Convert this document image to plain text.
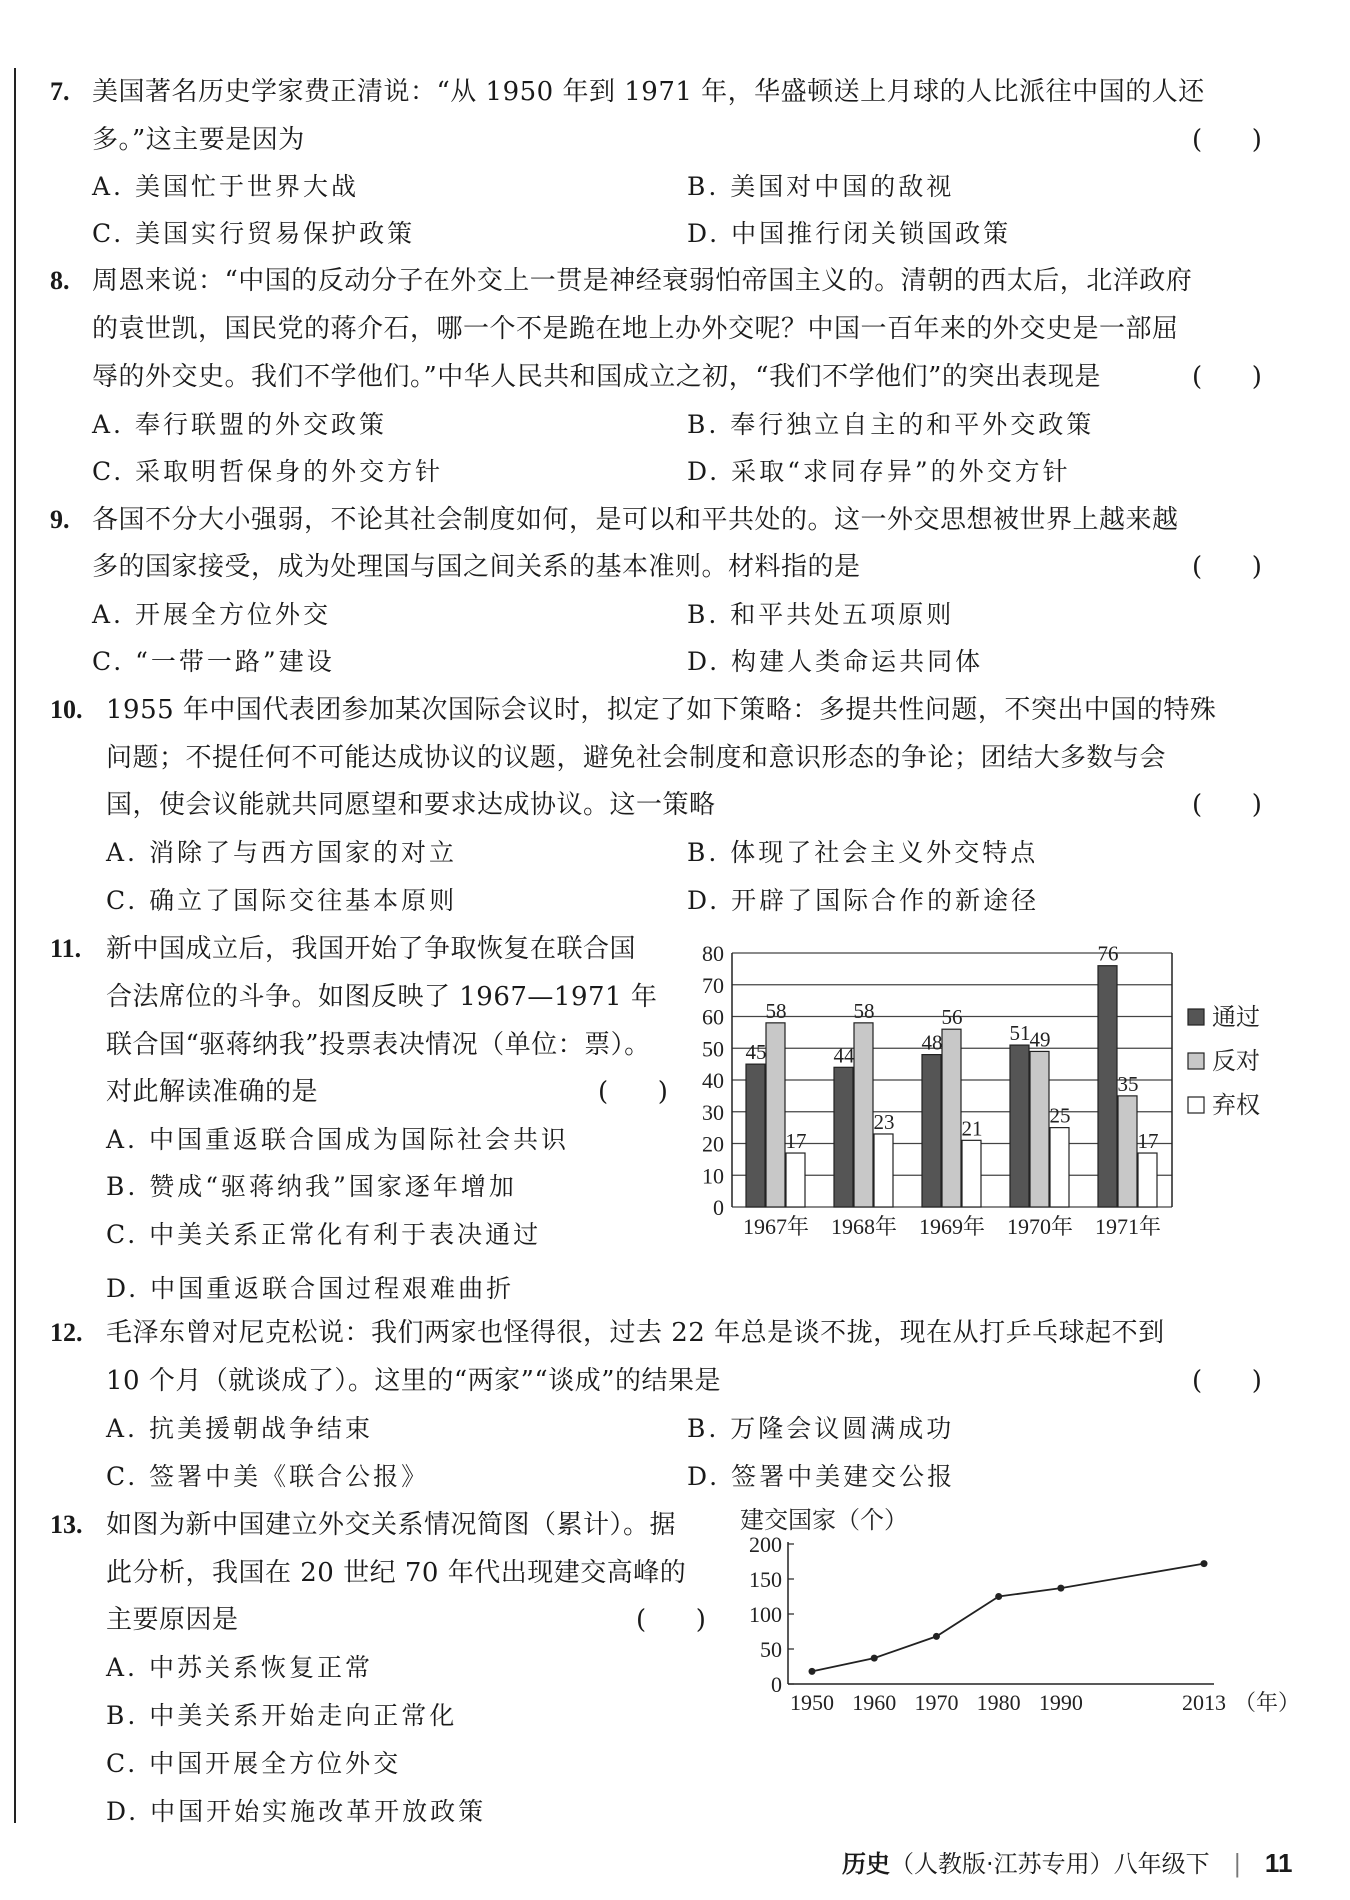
7. 美国著名历史学家费正清说：“从 1950 年到 1971 年，华盛顿送上月球的人比派往中国的人还
多。”这主要是因为	(      )
A. 美国忙于世界大战	B. 美国对中国的敌视
C. 美国实行贸易保护政策	D. 中国推行闭关锁国政策
8. 周恩来说：“中国的反动分子在外交上一贯是神经衰弱怕帝国主义的。清朝的西太后，北洋政府
的袁世凯，国民党的蒋介石，哪一个不是跪在地上办外交呢？中国一百年来的外交史是一部屈
辱的外交史。我们不学他们。”中华人民共和国成立之初，“我们不学他们”的突出表现是	(      )
A. 奉行联盟的外交政策	B. 奉行独立自主的和平外交政策
C. 采取明哲保身的外交方针	D. 采取“求同存异”的外交方针
9. 各国不分大小强弱，不论其社会制度如何，是可以和平共处的。这一外交思想被世界上越来越
多的国家接受，成为处理国与国之间关系的基本准则。材料指的是	(      )
A. 开展全方位外交	B. 和平共处五项原则
C. “一带一路”建设	D. 构建人类命运共同体
10. 1955 年中国代表团参加某次国际会议时，拟定了如下策略：多提共性问题，不突出中国的特殊
问题；不提任何不可能达成协议的议题，避免社会制度和意识形态的争论；团结大多数与会
国，使会议能就共同愿望和要求达成协议。这一策略	(      )
A. 消除了与西方国家的对立	B. 体现了社会主义外交特点
C. 确立了国际交往基本原则	D. 开辟了国际合作的新途径
11. 新中国成立后，我国开始了争取恢复在联合国
合法席位的斗争。如图反映了 1967—1971 年
联合国“驱蒋纳我”投票表决情况（单位：票）。
对此解读准确的是	(      )
A. 中国重返联合国成为国际社会共识
B. 赞成“驱蒋纳我”国家逐年增加
C. 中美关系正常化有利于表决通过
D. 中国重返联合国过程艰难曲折
0
10
20
30
40
50
60
70
80
45
58
17
1967年
44
58
23
1968年
48
56
21
1969年
51 49
25
1970年
76
35
17
1971年
通过
反对
弃权
12. 毛泽东曾对尼克松说：我们两家也怪得很，过去 22 年总是谈不拢，现在从打乒乓球起不到
10 个月（就谈成了）。这里的“两家”“谈成”的结果是	(      )
A. 抗美援朝战争结束	B. 万隆会议圆满成功
C. 签署中美《联合公报》	D. 签署中美建交公报
13. 如图为新中国建立外交关系情况简图（累计）。据
此分析，我国在 20 世纪 70 年代出现建交高峰的
主要原因是	(      )
A. 中苏关系恢复正常
B. 中美关系开始走向正常化
C. 中国开展全方位外交
D. 中国开始实施改革开放政策
建交国家（个）
0
50
100
150
200
1950 1960 1970 1980 1990	2013 （年）
历史（人教版·江苏专用）八年级下 | 11
